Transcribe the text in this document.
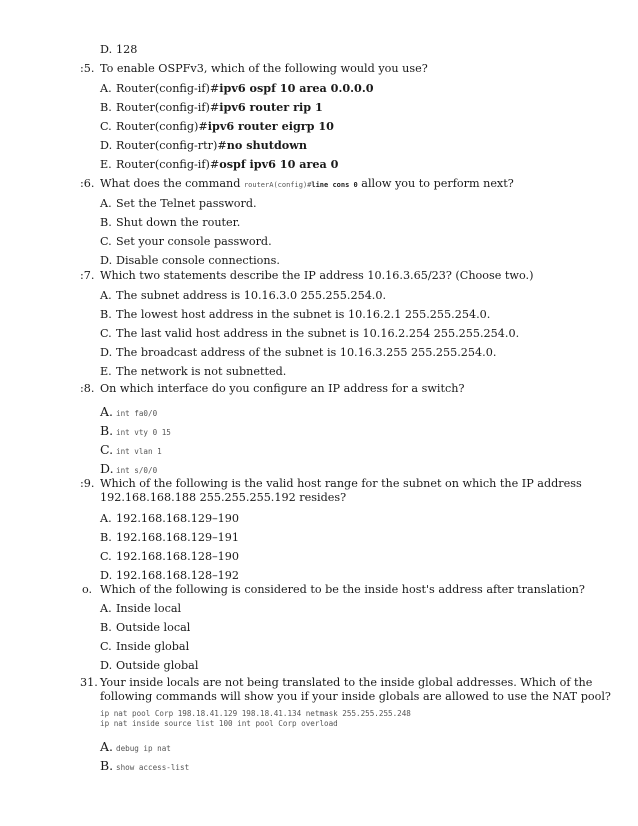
D. 128
:5. To enable OSPFv3, which of the following would you use?
A. Router(config-if)#ipv6 ospf 10 area 0.0.0.0
B. Router(config-if)#ipv6 router rip 1
C. Router(config)#ipv6 router eigrp 10
D. Router(config-rtr)#no shutdown
E. Router(config-if)#ospf ipv6 10 area 0
:6. What does the command routerA(config)#line cons 0 allow you to perform next?
A. Set the Telnet password.
B. Shut down the router.
C. Set your console password.
D. Disable console connections.
:7. Which two statements describe the IP address 10.16.3.65/23? (Choose two.)
A. The subnet address is 10.16.3.0 255.255.254.0.
B. The lowest host address in the subnet is 10.16.2.1 255.255.254.0.
C. The last valid host address in the subnet is 10.16.2.254 255.255.254.0.
D. The broadcast address of the subnet is 10.16.3.255 255.255.254.0.
E. The network is not subnetted.
:8. On which interface do you configure an IP address for a switch?
A. int fa0/0
B. int vty 0 15
C. int vlan 1
D. int s/0/0
:9. Which of the following is the valid host range for the subnet on which the IP address
192.168.168.188 255.255.255.192 resides?
A. 192.168.168.129–190
B. 192.168.168.129–191
C. 192.168.168.128–190
D. 192.168.168.128–192
o. Which of the following is considered to be the inside host's address after translation?
A. Inside local
B. Outside local
C. Inside global
D. Outside global
31. Your inside locals are not being translated to the inside global addresses. Which of the
following commands will show you if your inside globals are allowed to use the NAT pool?
ip nat pool Corp 198.18.41.129 198.18.41.134 netmask 255.255.255.248
ip nat inside source list 100 int pool Corp overload
A. debug ip nat
B. show access-list
